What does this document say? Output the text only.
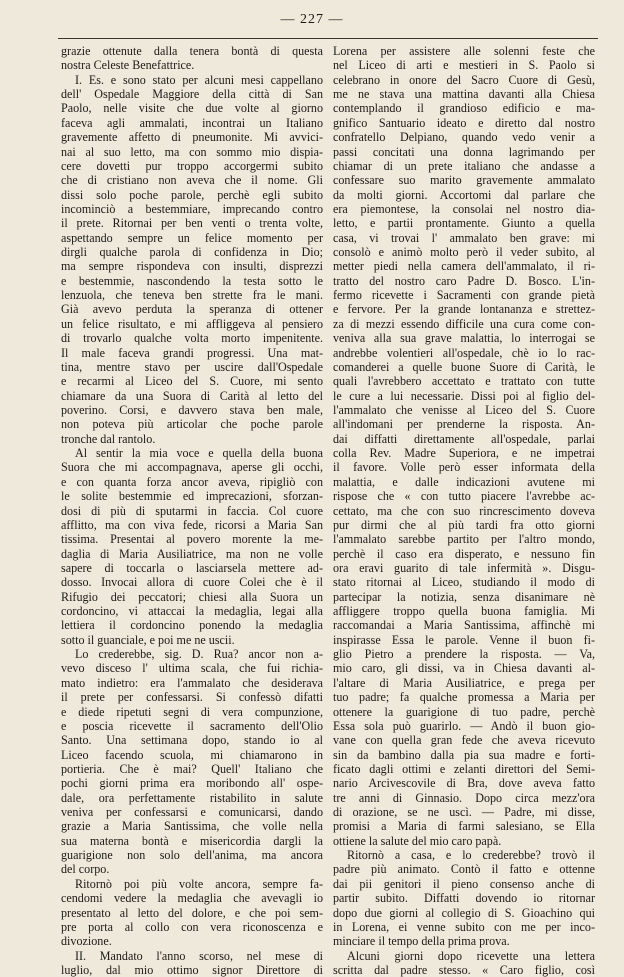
— 227 —
grazie ottenute dalla tenera bontà di questa
nostra Celeste Benefattrice.
I. Es. e sono stato per alcuni mesi cappellano
dell' Ospedale Maggiore della città di San
Paolo, nelle visite che due volte al giorno
faceva agli ammalati, incontrai un Italiano
gravemente affetto di pneumonite. Mi avvici-
nai al suo letto, ma con sommo mio dispia-
cere dovetti pur troppo accorgermi subito
che di cristiano non aveva che il nome. Gli
dissi solo poche parole, perchè egli subito
incominciò a bestemmiare, imprecando contro
il prete. Ritornai per ben venti o trenta volte,
aspettando sempre un felice momento per
dirgli qualche parola di confidenza in Dio;
ma sempre rispondeva con insulti, disprezzi
e bestemmie, nascondendo la testa sotto le
lenzuola, che teneva ben strette fra le mani.
Già avevo perduta la speranza di ottener
un felice risultato, e mi affliggeva al pensiero
di trovarlo qualche volta morto impenitente.
Il male faceva grandi progressi. Una mat-
tina, mentre stavo per uscire dall'Ospedale
e recarmi al Liceo del S. Cuore, mi sento
chiamare da una Suora di Carità al letto del
poverino. Corsi, e davvero stava ben male,
non poteva più articolar che poche parole
tronche dal rantolo.
Al sentir la mia voce e quella della buona
Suora che mi accompagnava, aperse gli occhi,
e con quanta forza ancor aveva, ripigliò con
le solite bestemmie ed imprecazioni, sforzan-
dosi di più di sputarmi in faccia. Col cuore
afflitto, ma con viva fede, ricorsi a Maria San
tissima. Presentai al povero morente la me-
daglia di Maria Ausiliatrice, ma non ne volle
sapere di toccarla o lasciarsela mettere ad-
dosso. Invocai allora di cuore Colei che è il
Rifugio dei peccatori; chiesi alla Suora un
cordoncino, vi attaccai la medaglia, legai alla
lettiera il cordoncino ponendo la medaglia
sotto il guanciale, e poi me ne uscii.
Lo crederebbe, sig. D. Rua? ancor non a-
vevo disceso l' ultima scala, che fui richia-
mato indietro: era l'ammalato che desiderava
il prete per confessarsi. Si confessò difatti
e diede ripetuti segni di vera compunzione,
e poscia ricevette il sacramento dell'Olio
Santo. Una settimana dopo, stando io al
Liceo facendo scuola, mi chiamarono in
portieria. Che è mai? Quell' Italiano che
pochi giorni prima era moribondo all' ospe-
dale, ora perfettamente ristabilito in salute
veniva per confessarsi e comunicarsi, dando
grazie a Maria Santissima, che volle nella
sua materna bontà e misericordia dargli la
guarigione non solo dell'anima, ma ancora
del corpo.
Ritornò poi più volte ancora, sempre fa-
cendomi vedere la medaglia che avevagli io
presentato al letto del dolore, e che poi sem-
pre porta al collo con vera riconoscenza e
divozione.
II. Mandato l'anno scorso, nel mese di
luglio, dal mio ottimo signor Direttore di
Lorena per assistere alle solenni feste che
nel Liceo di arti e mestieri in S. Paolo si
celebrano in onore del Sacro Cuore di Gesù,
me ne stava una mattina davanti alla Chiesa
contemplando il grandioso edificio e ma-
gnifico Santuario ideato e diretto dal nostro
confratello Delpiano, quando vedo venir a
passi concitati una donna lagrimando per
chiamar di un prete italiano che andasse a
confessare suo marito gravemente ammalato
da molti giorni. Accortomi dal parlare che
era piemontese, la consolai nel nostro dia-
letto, e partii prontamente. Giunto a quella
casa, vi trovai l' ammalato ben grave: mi
consolò e animò molto però il veder subito, al
metter piedi nella camera dell'ammalato, il ri-
tratto del nostro caro Padre D. Bosco. L'in-
fermo ricevette i Sacramenti con grande pietà
e fervore. Per la grande lontananza e strettez-
za di mezzi essendo difficile una cura come con-
veniva alla sua grave malattia, lo interrogai se
andrebbe volentieri all'ospedale, chè io lo rac-
comanderei a quelle buone Suore di Carità, le
quali l'avrebbero accettato e trattato con tutte
le cure a lui necessarie. Dissi poi al figlio del-
l'ammalato che venisse al Liceo del S. Cuore
all'indomani per prenderne la risposta. An-
dai diffatti direttamente all'ospedale, parlai
colla Rev. Madre Superiora, e ne impetrai
il favore. Volle però esser informata della
malattia, e dalle indicazioni avutene mi
rispose che « con tutto piacere l'avrebbe ac-
cettato, ma che con suo rincrescimento doveva
pur dirmi che al più tardi fra otto giorni
l'ammalato sarebbe partito per l'altro mondo,
perchè il caso era disperato, e nessuno fin
ora eravi guarito di tale infermità ». Disgu-
stato ritornai al Liceo, studiando il modo di
partecipar la notizia, senza disanimare nè
affliggere troppo quella buona famiglia. Mi
raccomandai a Maria Santissima, affinchè mi
inspirasse Essa le parole. Venne il buon fi-
glio Pietro a prendere la risposta. — Va,
mio caro, gli dissi, va in Chiesa davanti al-
l'altare di Maria Ausiliatrice, e prega per
tuo padre; fa qualche promessa a Maria per
ottenere la guarigione di tuo padre, perchè
Essa sola può guarirlo. — Andò il buon gio-
vane con quella gran fede che aveva ricevuto
sin da bambino dalla pia sua madre e forti-
ficato dagli ottimi e zelanti direttori del Semi-
nario Arcivescovile di Bra, dove aveva fatto
tre anni di Ginnasio. Dopo circa mezz'ora
di orazione, se ne uscì. — Padre, mi disse,
promisi a Maria di farmi salesiano, se Ella
ottiene la salute del mio caro papà.
Ritornò a casa, e lo crederebbe? trovò il
padre più animato. Contò il fatto e ottenne
dai pii genitori il pieno consenso anche di
partir subito. Diffatti dovendo io ritornar
dopo due giorni al collegio di S. Gioachino qui
in Lorena, ei venne subito con me per inco-
minciare il tempo della prima prova.
Alcuni giorni dopo ricevette una lettera
scritta dal padre stesso. « Caro figlio, così
